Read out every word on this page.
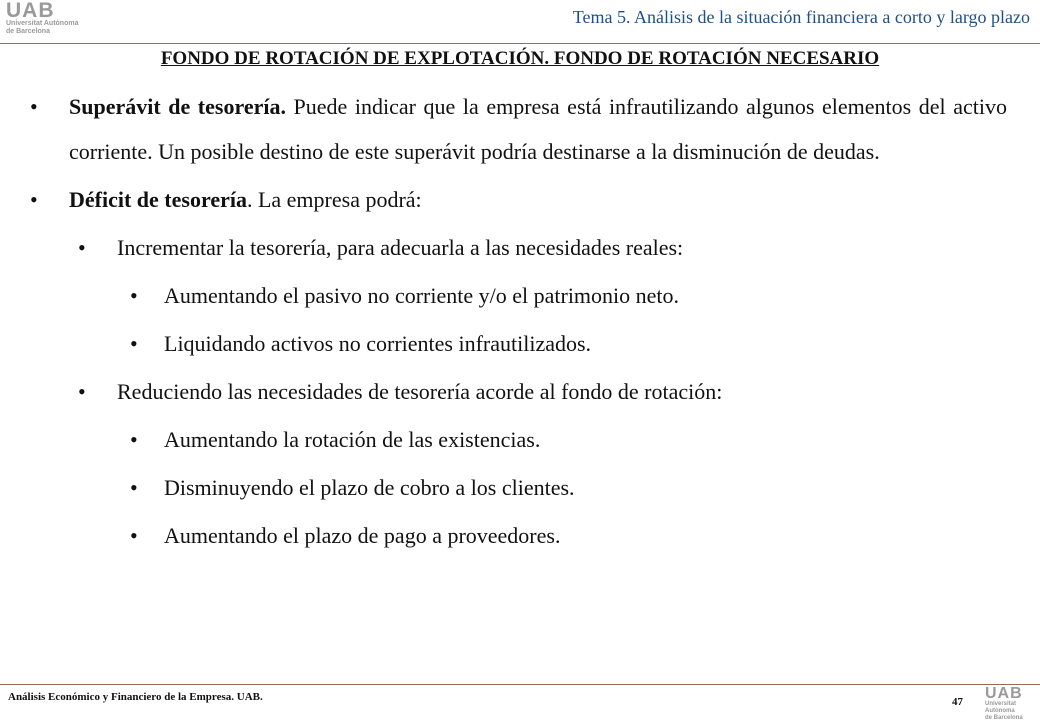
UAB
Universitat Autònoma
de Barcelona
Tema 5. Análisis de la situación financiera a corto y largo plazo
FONDO DE ROTACIÓN DE EXPLOTACIÓN. FONDO DE ROTACIÓN NECESARIO
• Superávit de tesorería. Puede indicar que la empresa está infrautilizando algunos elementos del activo corriente. Un posible destino de este superávit podría destinarse a la disminución de deudas.
• Déficit de tesorería. La empresa podrá:
• Incrementar la tesorería, para adecuarla a las necesidades reales:
• Aumentando el pasivo no corriente y/o el patrimonio neto.
• Liquidando activos no corrientes infrautilizados.
• Reduciendo las necesidades de tesorería acorde al fondo de rotación:
• Aumentando la rotación de las existencias.
• Disminuyendo el plazo de cobro a los clientes.
• Aumentando el plazo de pago a proveedores.
Análisis Económico y Financiero de la Empresa. UAB.	47 UAB
Universitat Autònoma
de Barcelona
